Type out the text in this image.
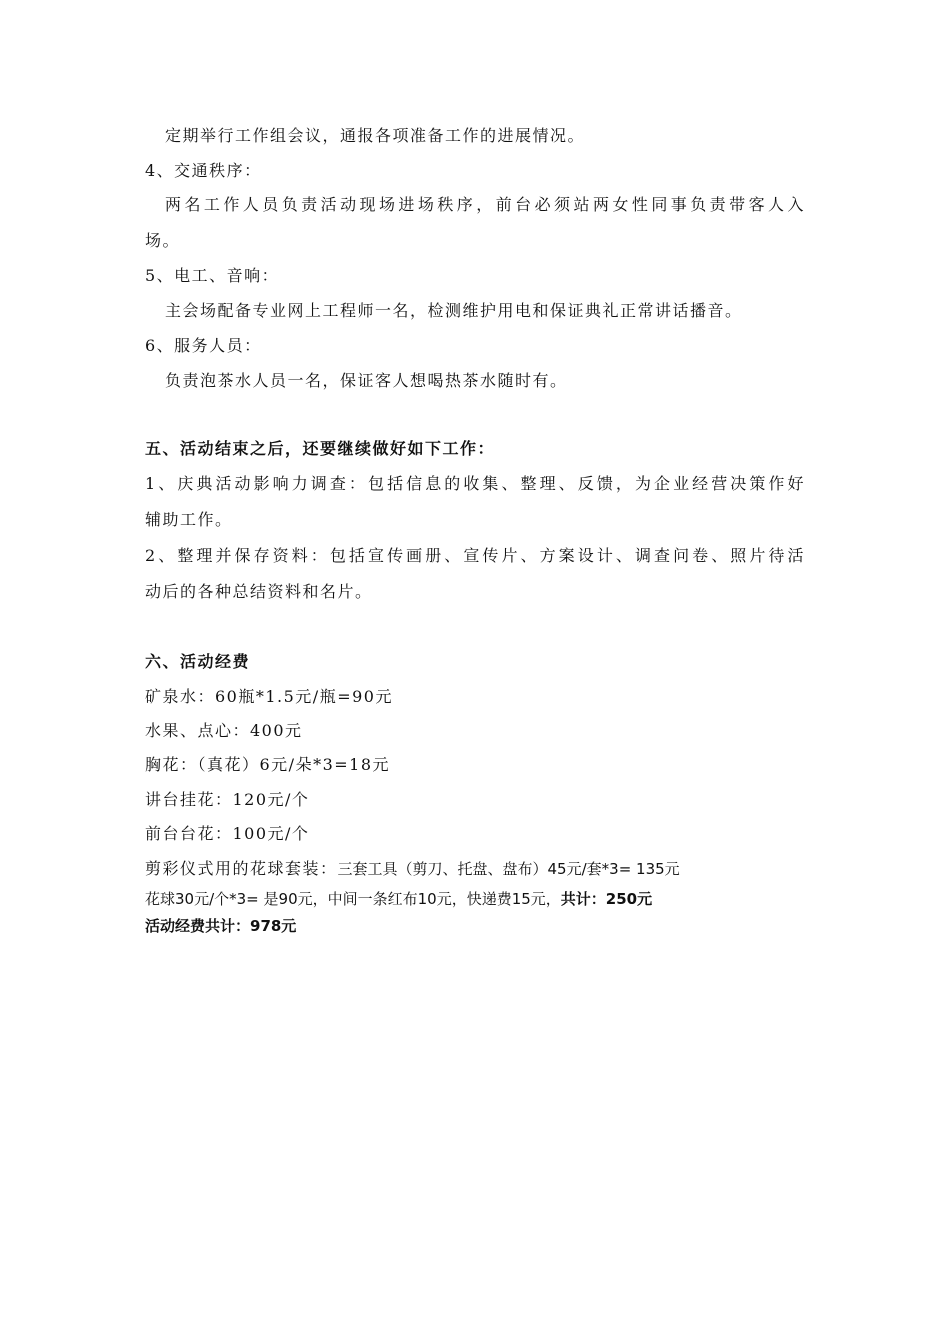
定期举行工作组会议，通报各项准备工作的进展情况。
4、交通秩序：
两名工作人员负责活动现场进场秩序，前台必须站两女性同事负责带客人入
场。
5、电工、音响：
主会场配备专业网上工程师一名，检测维护用电和保证典礼正常讲话播音。
6、服务人员：
负责泡茶水人员一名，保证客人想喝热茶水随时有。
五、活动结束之后，还要继续做好如下工作：
1、庆典活动影响力调查：包括信息的收集、整理、反馈，为企业经营决策作好
辅助工作。
2、整理并保存资料：包括宣传画册、宣传片、方案设计、调查问卷、照片待活
动后的各种总结资料和名片。
六、活动经费
矿泉水：60瓶*1.5元/瓶=90元
水果、点心：400元
胸花：（真花）6元/朵*3=18元
讲台挂花：120元/个
前台台花：100元/个
剪彩仪式用的花球套装：三套工具（剪刀、托盘、盘布）45元/套*3= 135元
花球30元/个*3= 是90元，中间一条红布10元，快递费15元，共计：250元
活动经费共计：978元
